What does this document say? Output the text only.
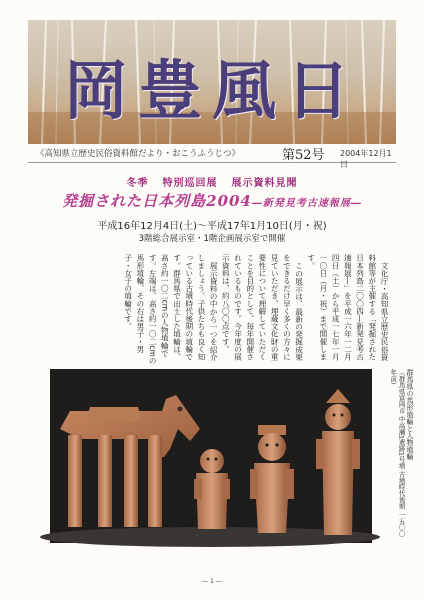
岡豊風日
《高知県立歴史民俗資料館だより・おこうふうじつ》	第52号 2004年12月1日
冬季 特別巡回展 展示資料見聞
発掘された日本列島2004―新発見考古速報展―
平成16年12月4日(土)～平成17年1月10日(月・祝)
3階総合展示室・1階企画展示室で開催

文化庁・高知県立歴史民俗資料館等が主催する「発掘された日本列島二〇〇四―新発見考古速報展―」を平成一六年一二月四日（土）から平成一七年一月一〇日（月・祝）まで開催します。

この展示は、最新の発掘成果をできるだけ早く多くの方々に見ていただき、埋蔵文化財の重要性について理解していただくことを目的として、毎年開催されているものです。今年度の展示資料は、約八〇〇点です。

展示資料の中から一つを紹介しましょう。子供たちも良く知っている古墳時代後期の埴輪です。群馬県で出土した埴輪は、高さ約一〇二cmの人物埴輪です。左端は、高さ約一〇二cmの馬形埴輪、その右は男子・男子・女子の埴輪です。

群馬県の馬形埴輪と人物埴輪
（群馬県富岡市 中高瀬1遺跡1号墳 古墳時代後期 一五〇〇年前）
― 1 ―
